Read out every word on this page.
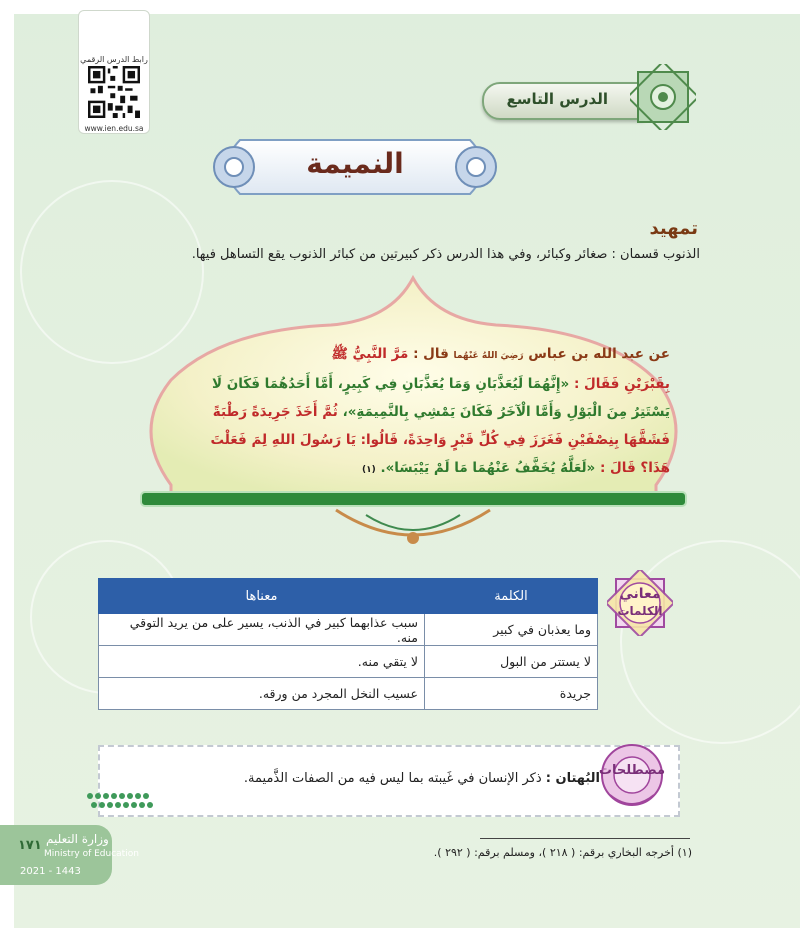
رابط الدرس الرقمي
www.ien.edu.sa
الدرس التاسع
النميمة
تمهيد
الذنوب قسمان : صغائر وكبائر، وفي هذا الدرس ذكر كبيرتين من كبائر الذنوب يقع التساهل فيها.
عن عبد الله بن عباس رَضِيَ اللهُ عَنْهُما قال : مَرَّ النَّبِيُّ ﷺ
بِقَبْرَيْنِ فَقَالَ : «إِنَّهُمَا لَيُعَذَّبَانِ وَمَا يُعَذَّبَانِ فِي كَبِيرٍ، أَمَّا أَحَدُهُمَا فَكَانَ لَا
يَسْتَتِرُ مِنَ الْبَوْلِ وَأَمَّا الْآخَرُ فَكَانَ يَمْشِي بِالنَّمِيمَةِ»، ثُمَّ أَخَذَ جَرِيدَةً رَطْبَةً
فَشَقَّهَا بِنِصْفَيْنِ فَغَرَزَ فِي كُلِّ قَبْرٍ وَاحِدَةً، قَالُوا: يَا رَسُولَ اللهِ لِمَ فَعَلْتَ
هَذَا؟ قَالَ : «لَعَلَّهُ يُخَفَّفُ عَنْهُمَا مَا لَمْ يَيْبَسَا». (١)
معاني
الكلمات
الكلمة	معناها
وما يعذبان في كبير	سبب عذابهما كبير في الذنب، يسير على من يريد التوقي منه.
لا يستتر من البول	لا يتقي منه.
جريدة	عسيب النخل المجرد من ورقه.
مصطلحات
البُهتان : ذكر الإنسان في غَيبته بما ليس فيه من الصفات الذَّميمة.
(١) أخرجه البخاري برقم: ( ٢١٨ )، ومسلم برقم: ( ٢٩٢ ).
١٧١ وزارة التعليم
Ministry of Education
2021 - 1443
